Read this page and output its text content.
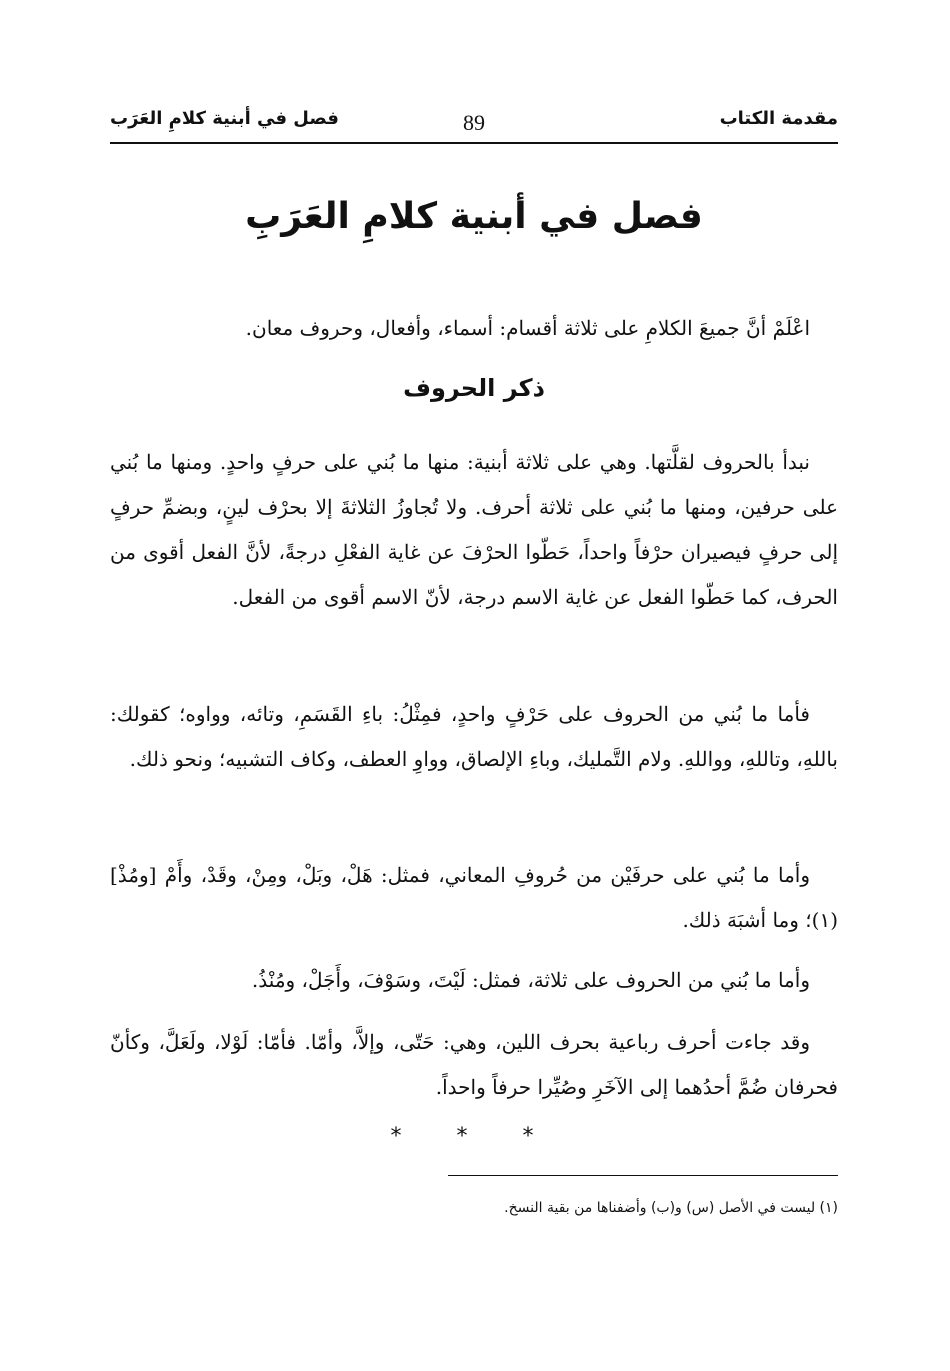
مقدمة الكتاب
89
فصل في أبنية كلامِ العَرَب
فصل في أبنية كلامِ العَرَبِ
اعْلَمْ أنَّ جميعَ الكلامِ على ثلاثة أقسام: أسماء، وأفعال، وحروف معان.
ذكر الحروف
نبدأ بالحروف لقلَّتها. وهي على ثلاثة أبنية: منها ما بُني على حرفٍ واحدٍ. ومنها ما بُني على حرفين، ومنها ما بُني على ثلاثة أحرف. ولا تُجاوزُ الثلاثةَ إلا بحرْف لينٍ، وبضمِّ حرفٍ إلى حرفٍ فيصيران حرْفاً واحداً، حَطّوا الحرْفَ عن غاية الفعْلِ درجةً، لأنَّ الفعل أقوى من الحرف، كما حَطّوا الفعل عن غاية الاسم درجة، لأنّ الاسم أقوى من الفعل.
فأما ما بُني من الحروف على حَرْفٍ واحدٍ، فمِثْلُ: باءِ القَسَمِ، وتائه، وواوه؛ كقولك: باللهِ، وتاللهِ، وواللهِ. ولام التَّمليك، وباءِ الإلصاق، وواوِ العطف، وكاف التشبيه؛ ونحو ذلك.
وأما ما بُني على حرفَيْن من حُروفِ المعاني، فمثل: هَلْ، وبَلْ، ومِنْ، وقَدْ، وأَمْ [ومُذْ](١)؛ وما أشبَهَ ذلك.
وأما ما بُني من الحروف على ثلاثة، فمثل: لَيْتَ، وسَوْفَ، وأَجَلْ، ومُنْذُ.
وقد جاءت أحرف رباعية بحرف اللين، وهي: حَتّى، وإلاَّ، وأمّا. فأمّا: لَوْلا، ولَعَلَّ، وكأنّ فحرفان ضُمَّ أحدُهما إلى الآخَرِ وصُيِّرا حرفاً واحداً.
* * *
(١) ليست في الأصل (س) و(ب) وأضفناها من بقية النسخ.
